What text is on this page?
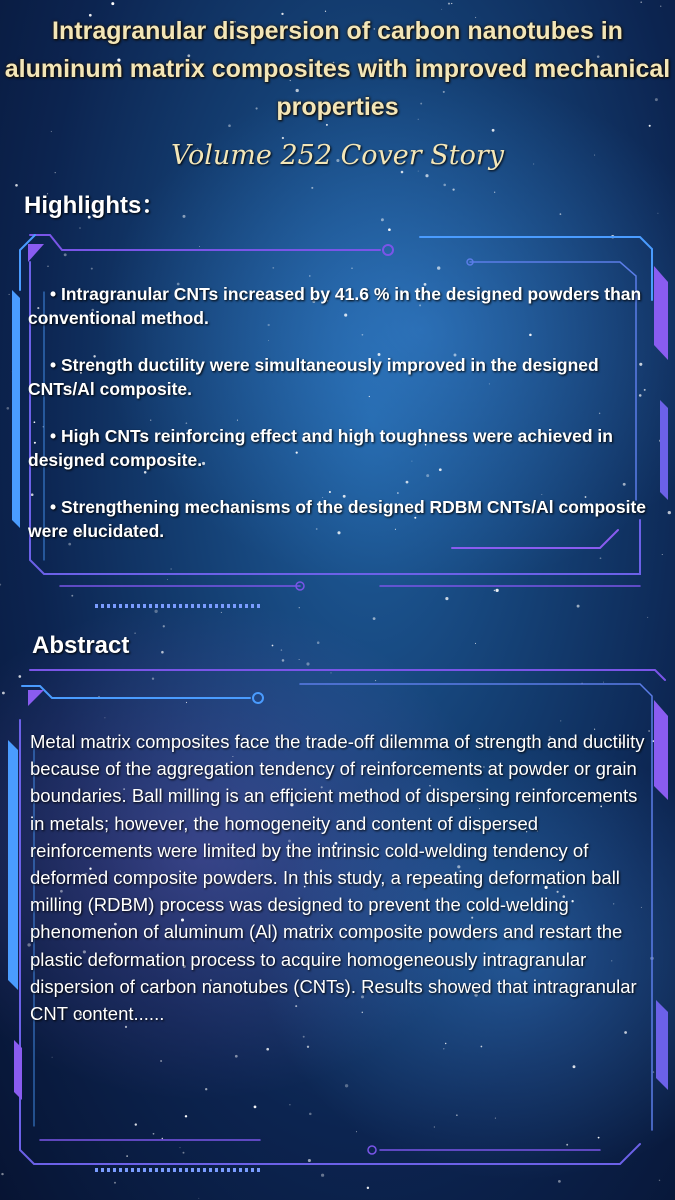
Intragranular dispersion of carbon nanotubes in aluminum matrix composites with improved mechanical properties
Volume 252 Cover Story
Highlights：

• Intragranular CNTs increased by 41.6 % in the designed powders than conventional method.

• Strength ductility were simultaneously improved in the designed CNTs/Al composite.

• High CNTs reinforcing effect and high toughness were achieved in designed composite.

• Strengthening mechanisms of the designed RDBM CNTs/Al composite were elucidated.

Abstract
Metal matrix composites face the trade-off dilemma of strength and ductility because of the aggregation tendency of reinforcements at powder or grain boundaries. Ball milling is an efficient method of dispersing reinforcements in metals; however, the homogeneity and content of dispersed reinforcements were limited by the intrinsic cold-welding tendency of deformed composite powders. In this study, a repeating deformation ball milling (RDBM) process was designed to prevent the cold-welding phenomenon of aluminum (Al) matrix composite powders and restart the plastic deformation process to acquire homogeneously intragranular dispersion of carbon nanotubes (CNTs). Results showed that intragranular CNT content......
